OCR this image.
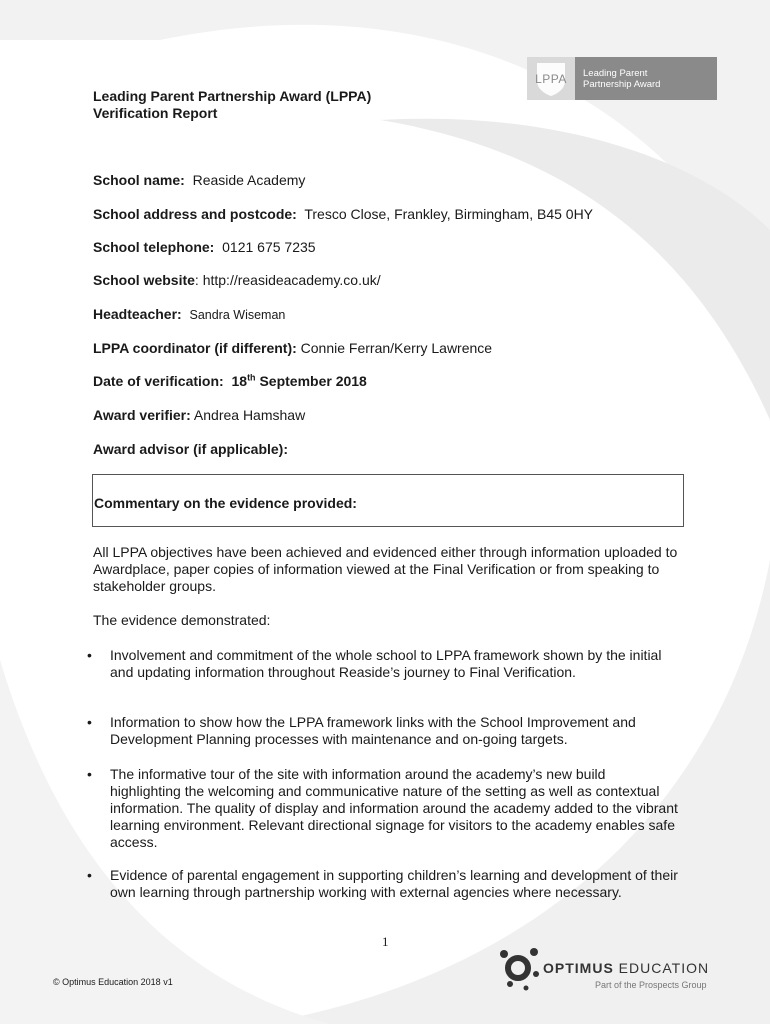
LPPA Leading Parent
Partnership Award
Leading Parent Partnership Award (LPPA)
Verification Report
School name: Reaside Academy
School address and postcode: Tresco Close, Frankley, Birmingham, B45 0HY
School telephone: 0121 675 7235
School website: http://reasideacademy.co.uk/
Headteacher: Sandra Wiseman
LPPA coordinator (if different): Connie Ferran/Kerry Lawrence
Date of verification: 18th September 2018
Award verifier: Andrea Hamshaw
Award advisor (if applicable):
Commentary on the evidence provided:
All LPPA objectives have been achieved and evidenced either through information uploaded to Awardplace, paper copies of information viewed at the Final Verification or from speaking to stakeholder groups.
The evidence demonstrated:
• Involvement and commitment of the whole school to LPPA framework shown by the initial and updating information throughout Reaside’s journey to Final Verification.
• Information to show how the LPPA framework links with the School Improvement and Development Planning processes with maintenance and on-going targets.
• The informative tour of the site with information around the academy’s new build highlighting the welcoming and communicative nature of the setting as well as contextual information. The quality of display and information around the academy added to the vibrant learning environment. Relevant directional signage for visitors to the academy enables safe access.
• Evidence of parental engagement in supporting children’s learning and development of their own learning through partnership working with external agencies where necessary.
1
© Optimus Education 2018 v1
OPTIMUS EDUCATION
Part of the Prospects Group
